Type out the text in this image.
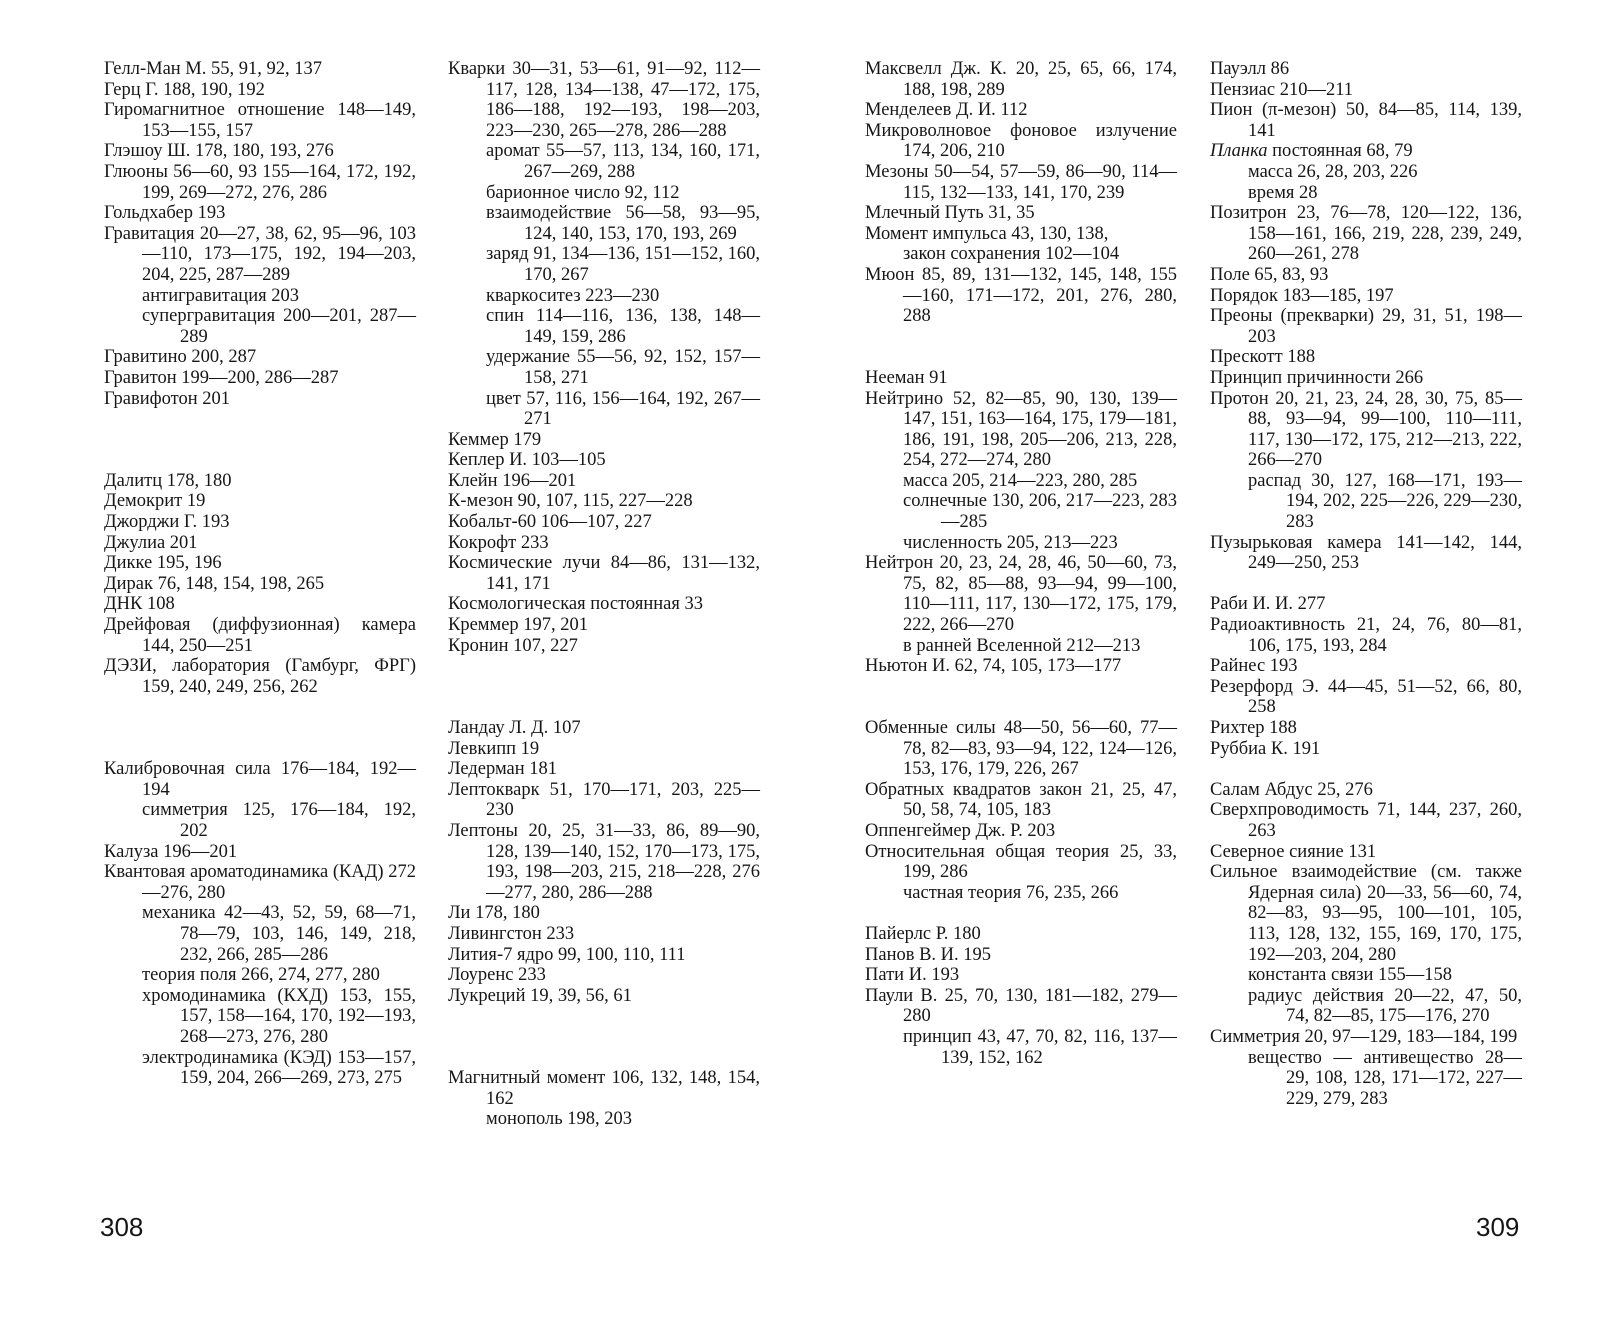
Гелл-Ман М. 55, 91, 92, 137
Герц Г. 188, 190, 192
Гиромагнитное отношение 148—149, 153—155, 157
Глэшоу Ш. 178, 180, 193, 276
Глюоны 56—60, 93 155—164, 172, 192, 199, 269—272, 276, 286
Гольдхабер 193
Гравитация 20—27, 38, 62, 95—96, 103—110, 173—175, 192, 194—203, 204, 225, 287—289
антигравитация 203
супергравитация 200—201, 287—289
Гравитино 200, 287
Гравитон 199—200, 286—287
Гравифотон 201
Далитц 178, 180
Демокрит 19
Джорджи Г. 193
Джулиа 201
Дикке 195, 196
Дирак 76, 148, 154, 198, 265
ДНК 108
Дрейфовая (диффузионная) камера 144, 250—251
ДЭЗИ, лаборатория (Гамбург, ФРГ) 159, 240, 249, 256, 262
Калибровочная сила 176—184, 192—194
симметрия 125, 176—184, 192, 202
Калуза 196—201
Квантовая ароматодинамика (КАД) 272—276, 280
механика 42—43, 52, 59, 68—71, 78—79, 103, 146, 149, 218, 232, 266, 285—286
теория поля 266, 274, 277, 280
хромодинамика (КХД) 153, 155, 157, 158—164, 170, 192—193, 268—273, 276, 280
электродинамика (КЭД) 153—157, 159, 204, 266—269, 273, 275
Кварки 30—31, 53—61, 91—92, 112—117, 128, 134—138, 47—172, 175, 186—188, 192—193, 198—203, 223—230, 265—278, 286—288
аромат 55—57, 113, 134, 160, 171, 267—269, 288
барионное число 92, 112
взаимодействие 56—58, 93—95, 124, 140, 153, 170, 193, 269
заряд 91, 134—136, 151—152, 160, 170, 267
кваркоситез 223—230
спин 114—116, 136, 138, 148—149, 159, 286
удержание 55—56, 92, 152, 157—158, 271
цвет 57, 116, 156—164, 192, 267—271
Кеммер 179
Кеплер И. 103—105
Клейн 196—201
К-мезон 90, 107, 115, 227—228
Кобальт-60 106—107, 227
Кокрофт 233
Космические лучи 84—86, 131—132, 141, 171
Космологическая постоянная 33
Креммер 197, 201
Кронин 107, 227
Ландау Л. Д. 107
Левкипп 19
Ледерман 181
Лептокварк 51, 170—171, 203, 225—230
Лептоны 20, 25, 31—33, 86, 89—90, 128, 139—140, 152, 170—173, 175, 193, 198—203, 215, 218—228, 276—277, 280, 286—288
Ли 178, 180
Ливингстон 233
Лития-7 ядро 99, 100, 110, 111
Лоуренс 233
Лукреций 19, 39, 56, 61
Магнитный момент 106, 132, 148, 154, 162
монополь 198, 203
Максвелл Дж. К. 20, 25, 65, 66, 174, 188, 198, 289
Менделеев Д. И. 112
Микроволновое фоновое излучение 174, 206, 210
Мезоны 50—54, 57—59, 86—90, 114—115, 132—133, 141, 170, 239
Млечный Путь 31, 35
Момент импульса 43, 130, 138,
закон сохранения 102—104
Мюон 85, 89, 131—132, 145, 148, 155—160, 171—172, 201, 276, 280, 288
Нееман 91
Нейтрино 52, 82—85, 90, 130, 139—147, 151, 163—164, 175, 179—181, 186, 191, 198, 205—206, 213, 228, 254, 272—274, 280
масса 205, 214—223, 280, 285
солнечные 130, 206, 217—223, 283—285
численность 205, 213—223
Нейтрон 20, 23, 24, 28, 46, 50—60, 73, 75, 82, 85—88, 93—94, 99—100, 110—111, 117, 130—172, 175, 179, 222, 266—270
в ранней Вселенной 212—213
Ньютон И. 62, 74, 105, 173—177
Обменные силы 48—50, 56—60, 77—78, 82—83, 93—94, 122, 124—126, 153, 176, 179, 226, 267
Обратных квадратов закон 21, 25, 47, 50, 58, 74, 105, 183
Оппенгеймер Дж. Р. 203
Относительная общая теория 25, 33, 199, 286
частная теория 76, 235, 266
Пайерлс Р. 180
Панов В. И. 195
Пати И. 193
Паули В. 25, 70, 130, 181—182, 279—280
принцип 43, 47, 70, 82, 116, 137—139, 152, 162
Пауэлл 86
Пензиас 210—211
Пион (π-мезон) 50, 84—85, 114, 139, 141
Планка постоянная 68, 79
масса 26, 28, 203, 226
время 28
Позитрон 23, 76—78, 120—122, 136, 158—161, 166, 219, 228, 239, 249, 260—261, 278
Поле 65, 83, 93
Порядок 183—185, 197
Преоны (прекварки) 29, 31, 51, 198—203
Прескотт 188
Принцип причинности 266
Протон 20, 21, 23, 24, 28, 30, 75, 85—88, 93—94, 99—100, 110—111, 117, 130—172, 175, 212—213, 222, 266—270
распад 30, 127, 168—171, 193—194, 202, 225—226, 229—230, 283
Пузырьковая камера 141—142, 144, 249—250, 253
Раби И. И. 277
Радиоактивность 21, 24, 76, 80—81, 106, 175, 193, 284
Райнес 193
Резерфорд Э. 44—45, 51—52, 66, 80, 258
Рихтер 188
Руббиа К. 191
Салам Абдус 25, 276
Сверхпроводимость 71, 144, 237, 260, 263
Северное сияние 131
Сильное взаимодействие (см. также Ядерная сила) 20—33, 56—60, 74, 82—83, 93—95, 100—101, 105, 113, 128, 132, 155, 169, 170, 175, 192—203, 204, 280
константа связи 155—158
радиус действия 20—22, 47, 50, 74, 82—85, 175—176, 270
Симметрия 20, 97—129, 183—184, 199
вещество — антивещество 28—29, 108, 128, 171—172, 227—229, 279, 283
308	309
